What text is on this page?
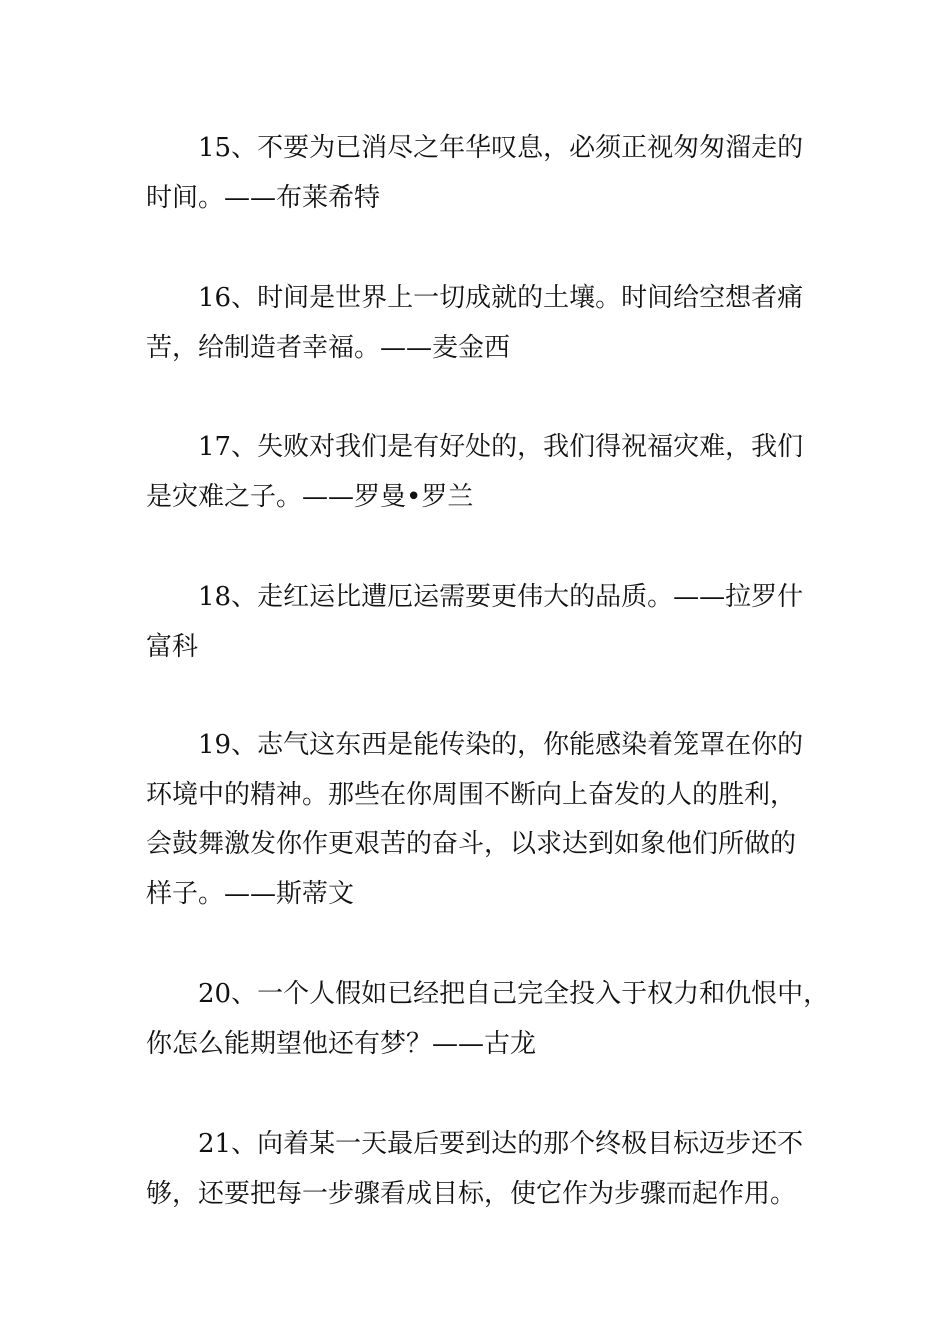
15、不要为已消尽之年华叹息，必须正视匆匆溜走的
时间。——布莱希特
16、时间是世界上一切成就的土壤。时间给空想者痛
苦，给制造者幸福。——麦金西
17、失败对我们是有好处的，我们得祝福灾难，我们
是灾难之子。——罗曼•罗兰
18、走红运比遭厄运需要更伟大的品质。——拉罗什
富科
19、志气这东西是能传染的，你能感染着笼罩在你的
环境中的精神。那些在你周围不断向上奋发的人的胜利，
会鼓舞激发你作更艰苦的奋斗，以求达到如象他们所做的
样子。——斯蒂文
20、一个人假如已经把自己完全投入于权力和仇恨中，
你怎么能期望他还有梦？——古龙
21、向着某一天最后要到达的那个终极目标迈步还不
够，还要把每一步骤看成目标，使它作为步骤而起作用。
